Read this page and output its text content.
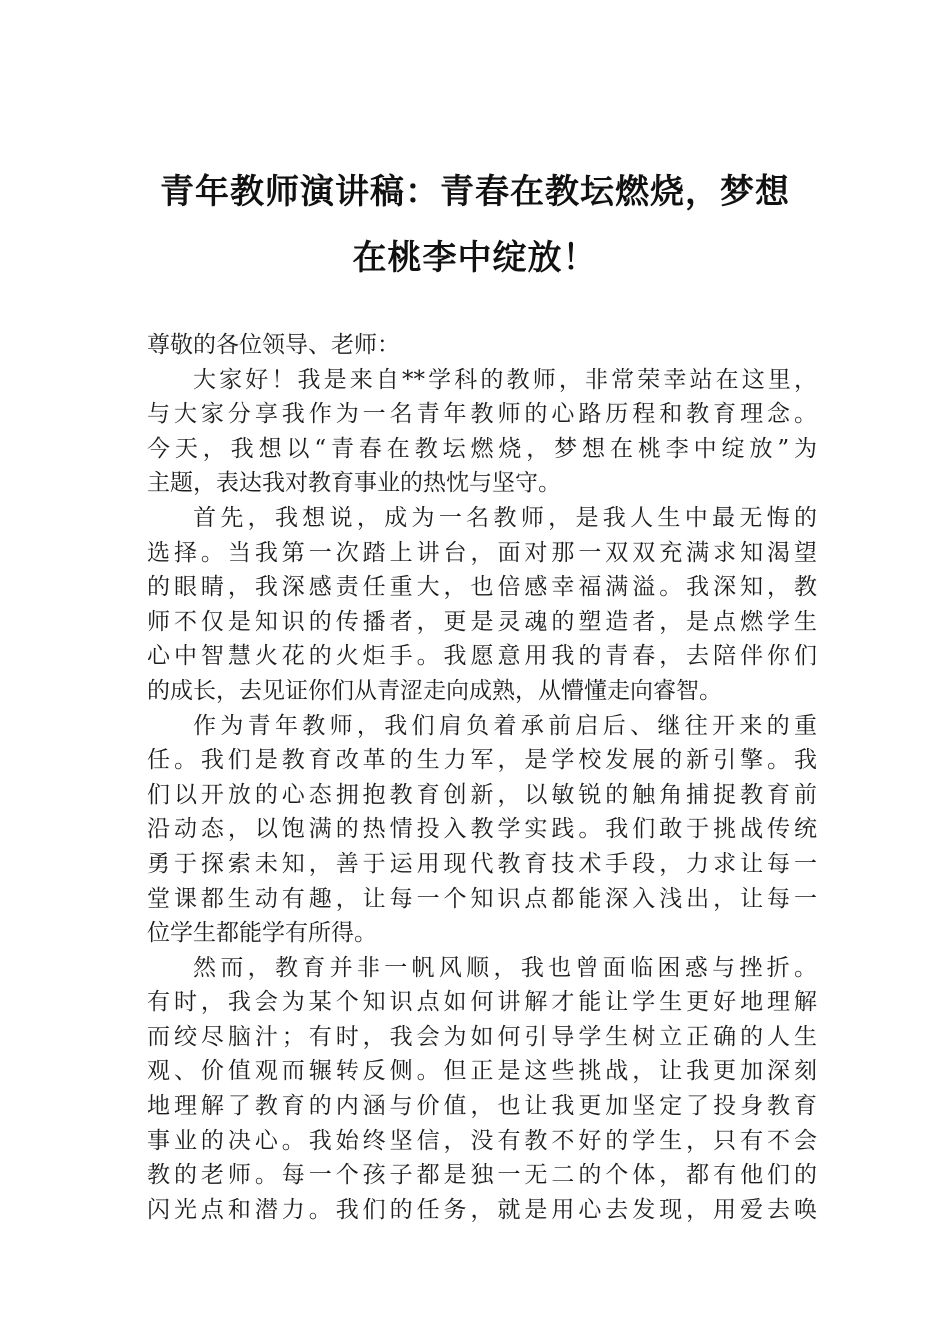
青年教师演讲稿：青春在教坛燃烧，梦想
在桃李中绽放！
尊敬的各位领导、老师：
大家好！我是来自**学科的教师，非常荣幸站在这里，
与大家分享我作为一名青年教师的心路历程和教育理念。
今天，我想以“青春在教坛燃烧，梦想在桃李中绽放”为
主题，表达我对教育事业的热忱与坚守。
首先，我想说，成为一名教师，是我人生中最无悔的
选择。当我第一次踏上讲台，面对那一双双充满求知渴望
的眼睛，我深感责任重大，也倍感幸福满溢。我深知，教
师不仅是知识的传播者，更是灵魂的塑造者，是点燃学生
心中智慧火花的火炬手。我愿意用我的青春，去陪伴你们
的成长，去见证你们从青涩走向成熟，从懵懂走向睿智。
作为青年教师，我们肩负着承前启后、继往开来的重
任。我们是教育改革的生力军，是学校发展的新引擎。我
们以开放的心态拥抱教育创新，以敏锐的触角捕捉教育前
沿动态，以饱满的热情投入教学实践。我们敢于挑战传统
勇于探索未知，善于运用现代教育技术手段，力求让每一
堂课都生动有趣，让每一个知识点都能深入浅出，让每一
位学生都能学有所得。
然而，教育并非一帆风顺，我也曾面临困惑与挫折。
有时，我会为某个知识点如何讲解才能让学生更好地理解
而绞尽脑汁；有时，我会为如何引导学生树立正确的人生
观、价值观而辗转反侧。但正是这些挑战，让我更加深刻
地理解了教育的内涵与价值，也让我更加坚定了投身教育
事业的决心。我始终坚信，没有教不好的学生，只有不会
教的老师。每一个孩子都是独一无二的个体，都有他们的
闪光点和潜力。我们的任务，就是用心去发现，用爱去唤
